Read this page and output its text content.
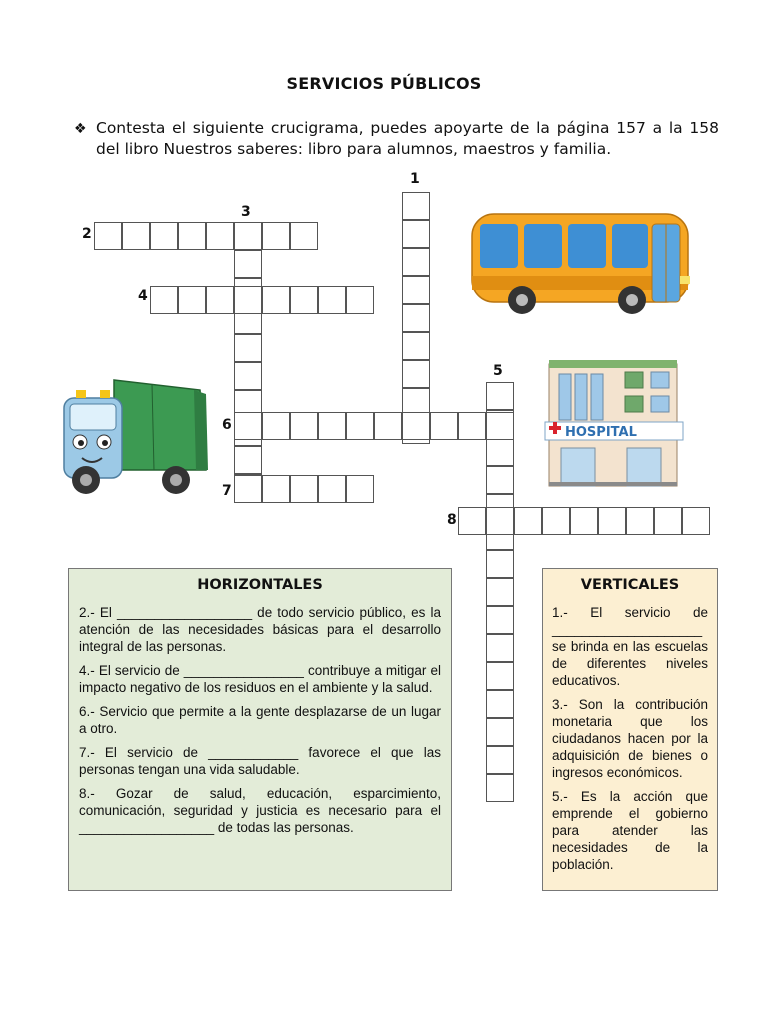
SERVICIOS PÚBLICOS
❖ Contesta el siguiente crucigrama, puedes apoyarte de la página 157 a la 158 del libro Nuestros saberes: libro para alumnos, maestros y familia.
1
2
3
4
5
6
7
8
HOSPITAL
HORIZONTALES

2.- El __________________ de todo servicio público, es la atención de las necesidades básicas para el desarrollo integral de las personas.

4.- El servicio de ________________ contribuye a mitigar el impacto negativo de los residuos en el ambiente y la salud.

6.- Servicio que permite a la gente desplazarse de un lugar a otro.

7.- El servicio de ____________ favorece el que las personas tengan una vida saludable.

8.- Gozar de salud, educación, esparcimiento, comunicación, seguridad y justicia es necesario para el __________________ de todas las personas.

VERTICALES

1.- El servicio de ____________________ se brinda en las escuelas de diferentes niveles educativos.

3.- Son la contribución monetaria que los ciudadanos hacen por la adquisición de bienes o ingresos económicos.

5.- Es la acción que emprende el gobierno para atender las necesidades de la población.
